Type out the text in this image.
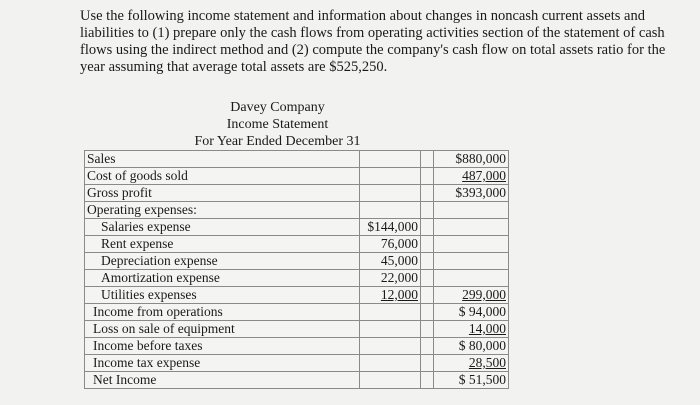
Use the following income statement and information about changes in noncash current assets and liabilities to (1) prepare only the cash flows from operating activities section of the statement of cash flows using the indirect method and (2) compute the company's cash flow on total assets ratio for the year assuming that average total assets are $525,250.
Davey Company
Income Statement
For Year Ended December 31
Sales			$880,000
Cost of goods sold			487,000
Gross profit			$393,000
Operating expenses:			
Salaries expense	$144,000		
Rent expense	76,000		
Depreciation expense	45,000		
Amortization expense	22,000		
Utilities expenses	12,000		299,000
Income from operations			$ 94,000
Loss on sale of equipment			14,000
Income before taxes			$ 80,000
Income tax expense			28,500
Net Income			$ 51,500
